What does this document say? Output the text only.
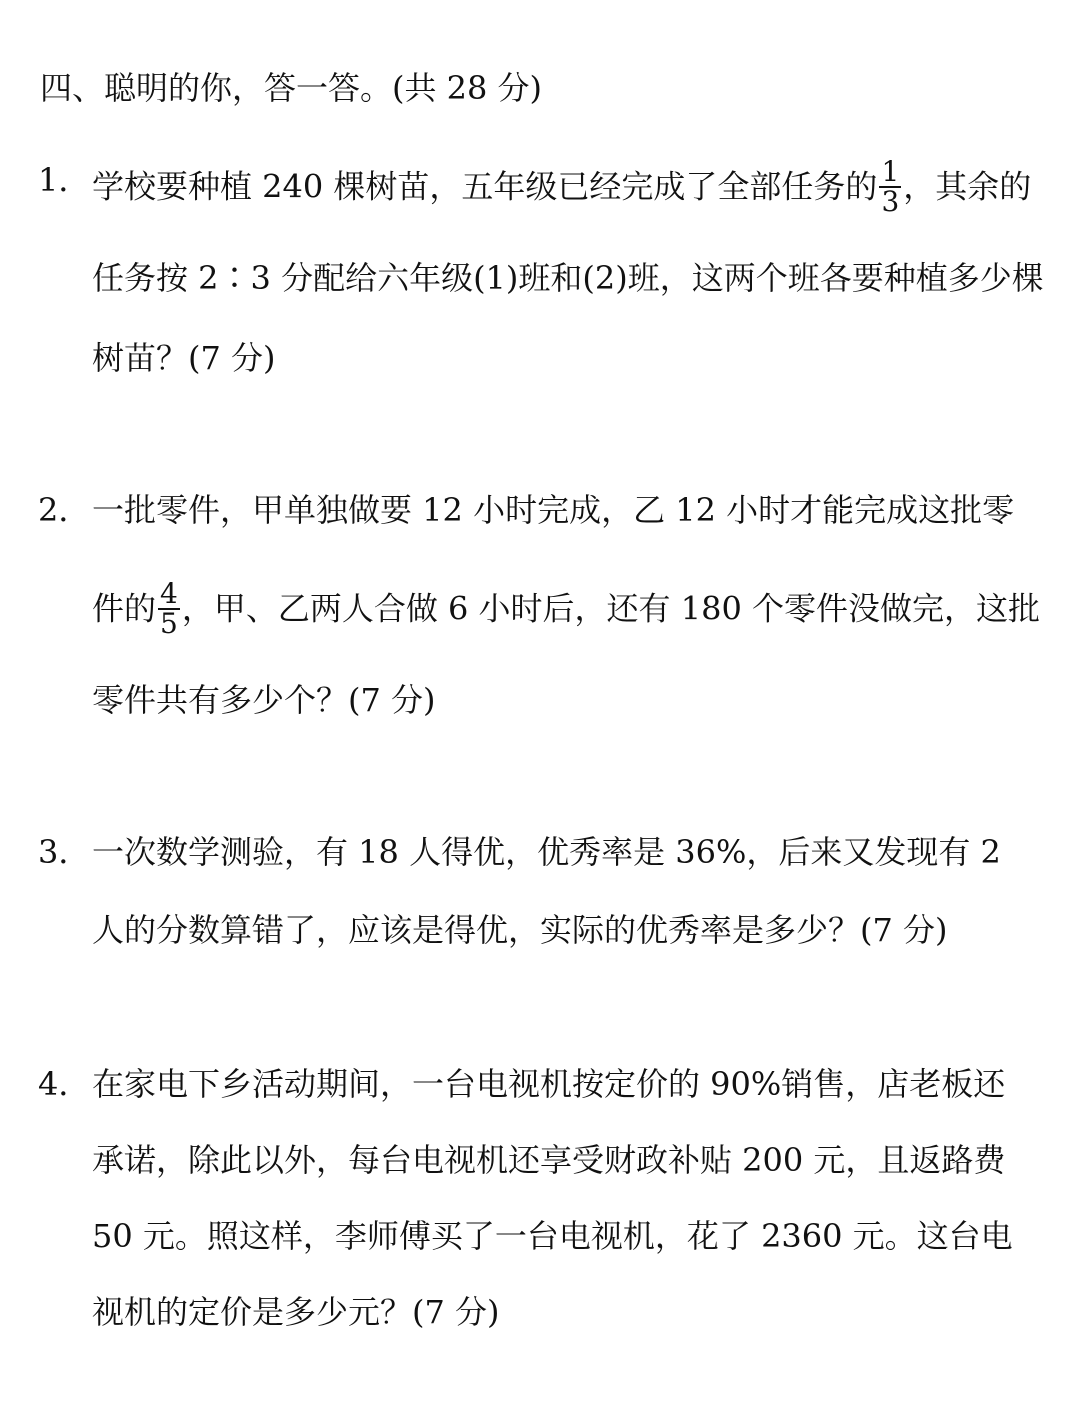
四、聪明的你，答一答。(共 28 分)
1． 学校要种植 240 棵树苗，五年级已经完成了全部任务的 $\frac{1}{3}$ ，其余的
任务按 2∶3 分配给六年级(1)班和(2)班，这两个班各要种植多少棵
树苗？(7 分)
2． 一批零件，甲单独做要 12 小时完成，乙 12 小时才能完成这批零
件的 $\frac{4}{5}$ ，甲、乙两人合做 6 小时后，还有 180 个零件没做完，这批
零件共有多少个？(7 分)
3． 一次数学测验，有 18 人得优，优秀率是 36%，后来又发现有 2
人的分数算错了，应该是得优，实际的优秀率是多少？(7 分)
4． 在家电下乡活动期间，一台电视机按定价的 90%销售，店老板还
承诺，除此以外，每台电视机还享受财政补贴 200 元，且返路费
50 元。照这样，李师傅买了一台电视机，花了 2360 元。这台电
视机的定价是多少元？(7 分)
